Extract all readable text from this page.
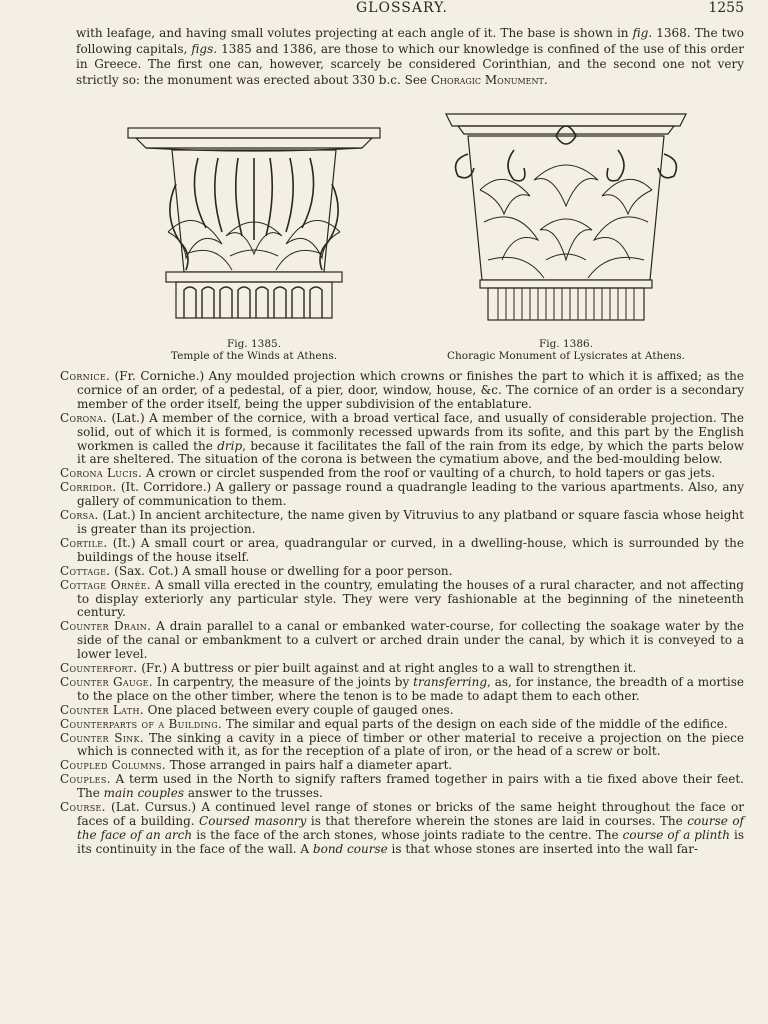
GLOSSARY.	1255
with leafage, and having small volutes projecting at each angle of it. The base is shown in fig. 1368. The two following capitals, figs. 1385 and 1386, are those to which our knowledge is confined of the use of this order in Greece. The first one can, however, scarcely be considered Corinthian, and the second one not very strictly so: the monument was erected about 330 b.c. See Choragic Monument.
Fig. 1385.
Temple of the Winds at Athens.
Fig. 1386.
Choragic Monument of Lysicrates at Athens.

Cornice. (Fr. Corniche.) Any moulded projection which crowns or finishes the part to which it is affixed; as the cornice of an order, of a pedestal, of a pier, door, window, house, &c. The cornice of an order is a secondary member of the order itself, being the upper subdivision of the entablature.

Corona. (Lat.) A member of the cornice, with a broad vertical face, and usually of considerable projection. The solid, out of which it is formed, is commonly recessed upwards from its sofite, and this part by the English workmen is called the drip, because it facilitates the fall of the rain from its edge, by which the parts below it are sheltered. The situation of the corona is between the cymatium above, and the bed-moulding below.

Corona Lucis. A crown or circlet suspended from the roof or vaulting of a church, to hold tapers or gas jets.

Corridor. (It. Corridore.) A gallery or passage round a quadrangle leading to the various apartments. Also, any gallery of communication to them.

Corsa. (Lat.) In ancient architecture, the name given by Vitruvius to any platband or square fascia whose height is greater than its projection.

Cortile. (It.) A small court or area, quadrangular or curved, in a dwelling-house, which is surrounded by the buildings of the house itself.

Cottage. (Sax. Cot.) A small house or dwelling for a poor person.

Cottage Ornée. A small villa erected in the country, emulating the houses of a rural character, and not affecting to display exteriorly any particular style. They were very fashionable at the beginning of the nineteenth century.

Counter Drain. A drain parallel to a canal or embanked water-course, for collecting the soakage water by the side of the canal or embankment to a culvert or arched drain under the canal, by which it is conveyed to a lower level.

Counterfort. (Fr.) A buttress or pier built against and at right angles to a wall to strengthen it.

Counter Gauge. In carpentry, the measure of the joints by transferring, as, for instance, the breadth of a mortise to the place on the other timber, where the tenon is to be made to adapt them to each other.

Counter Lath. One placed between every couple of gauged ones.

Counterparts of a Building. The similar and equal parts of the design on each side of the middle of the edifice.

Counter Sink. The sinking a cavity in a piece of timber or other material to receive a projection on the piece which is connected with it, as for the reception of a plate of iron, or the head of a screw or bolt.

Coupled Columns. Those arranged in pairs half a diameter apart.

Couples. A term used in the North to signify rafters framed together in pairs with a tie fixed above their feet. The main couples answer to the trusses.

Course. (Lat. Cursus.) A continued level range of stones or bricks of the same height throughout the face or faces of a building. Coursed masonry is that therefore wherein the stones are laid in courses. The course of the face of an arch is the face of the arch stones, whose joints radiate to the centre. The course of a plinth is its continuity in the face of the wall. A bond course is that whose stones are inserted into the wall far-
